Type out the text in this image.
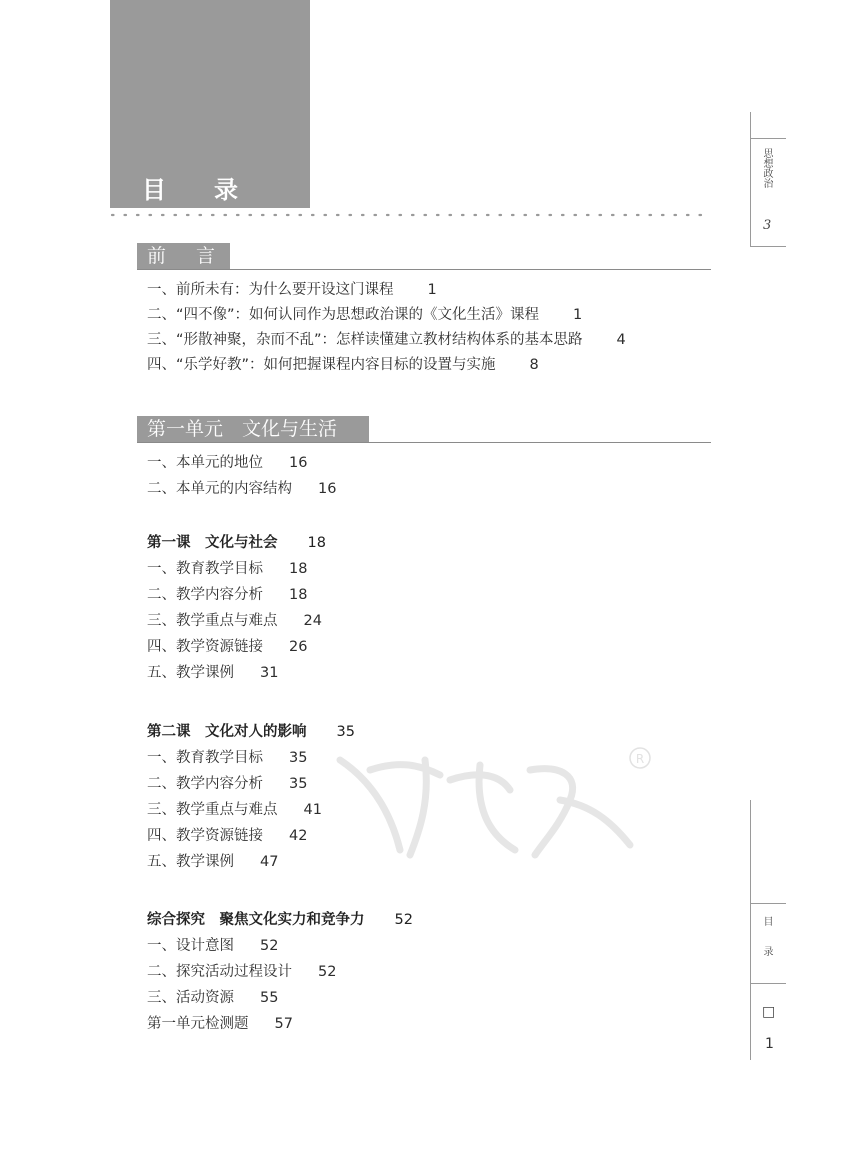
目录
前 言
一、前所未有：为什么要开设这门课程 1
二、“四不像”：如何认同作为思想政治课的《文化生活》课程 1
三、“形散神聚，杂而不乱”：怎样读懂建立教材结构体系的基本思路 4
四、“乐学好教”：如何把握课程内容目标的设置与实施 8
第一单元　文化与生活
一、本单元的地位 16
二、本单元的内容结构 16
第一课　文化与社会 18
一、教育教学目标 18
二、教学内容分析 18
三、教学重点与难点 24
四、教学资源链接 26
五、教学课例 31
第二课　文化对人的影响 35
一、教育教学目标 35
二、教学内容分析 35
三、教学重点与难点 41
四、教学资源链接 42
五、教学课例 47
综合探究　聚焦文化实力和竞争力 52
一、设计意图 52
二、探究活动过程设计 52
三、活动资源 55
第一单元检测题 57
R
思想政治
3
目录
□
1
